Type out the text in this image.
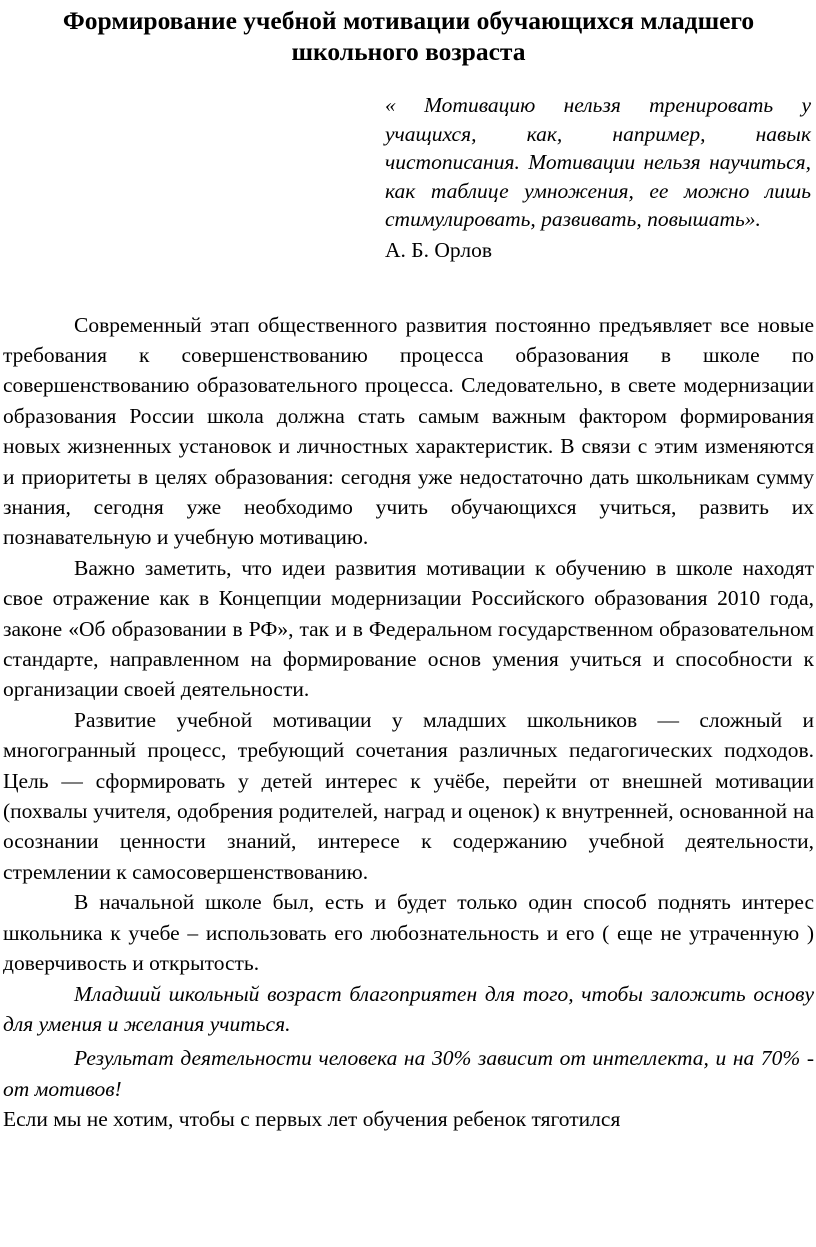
Формирование учебной мотивации обучающихся младшего школьного возраста
« Мотивацию нельзя тренировать у учащихся, как, например, навык чистописания. Мотивации нельзя научиться, как таблице умножения, ее можно лишь стимулировать, развивать, повышать».
А. Б. Орлов

Современный этап общественного развития постоянно предъявляет все новые требования к совершенствованию процесса образования в школе по совершенствованию образовательного процесса. Следовательно, в свете модернизации образования России школа должна стать самым важным фактором формирования новых жизненных установок и личностных характеристик. В связи с этим изменяются и приоритеты в целях образования: сегодня уже недостаточно дать школьникам сумму знания, сегодня уже необходимо учить обучающихся учиться, развить их познавательную и учебную мотивацию.

Важно заметить, что идеи развития мотивации к обучению в школе находят свое отражение как в Концепции модернизации Российского образования 2010 года, законе «Об образовании в РФ», так и в Федеральном государственном образовательном стандарте, направленном на формирование основ умения учиться и способности к организации своей деятельности.

Развитие учебной мотивации у младших школьников — сложный и многогранный процесс, требующий сочетания различных педагогических подходов. Цель — сформировать у детей интерес к учёбе, перейти от внешней мотивации (похвалы учителя, одобрения родителей, наград и оценок) к внутренней, основанной на осознании ценности знаний, интересе к содержанию учебной деятельности, стремлении к самосовершенствованию.

В начальной школе был, есть и будет только один способ поднять интерес школьника к учебе – использовать его любознательность и его ( еще не утраченную ) доверчивость и открытость.

Младший школьный возраст благоприятен для того, чтобы заложить основу для умения и желания учиться.

Результат деятельности человека на 30% зависит от интеллекта, и на 70% - от мотивов!

Если мы не хотим, чтобы с первых лет обучения ребенок тяготился
